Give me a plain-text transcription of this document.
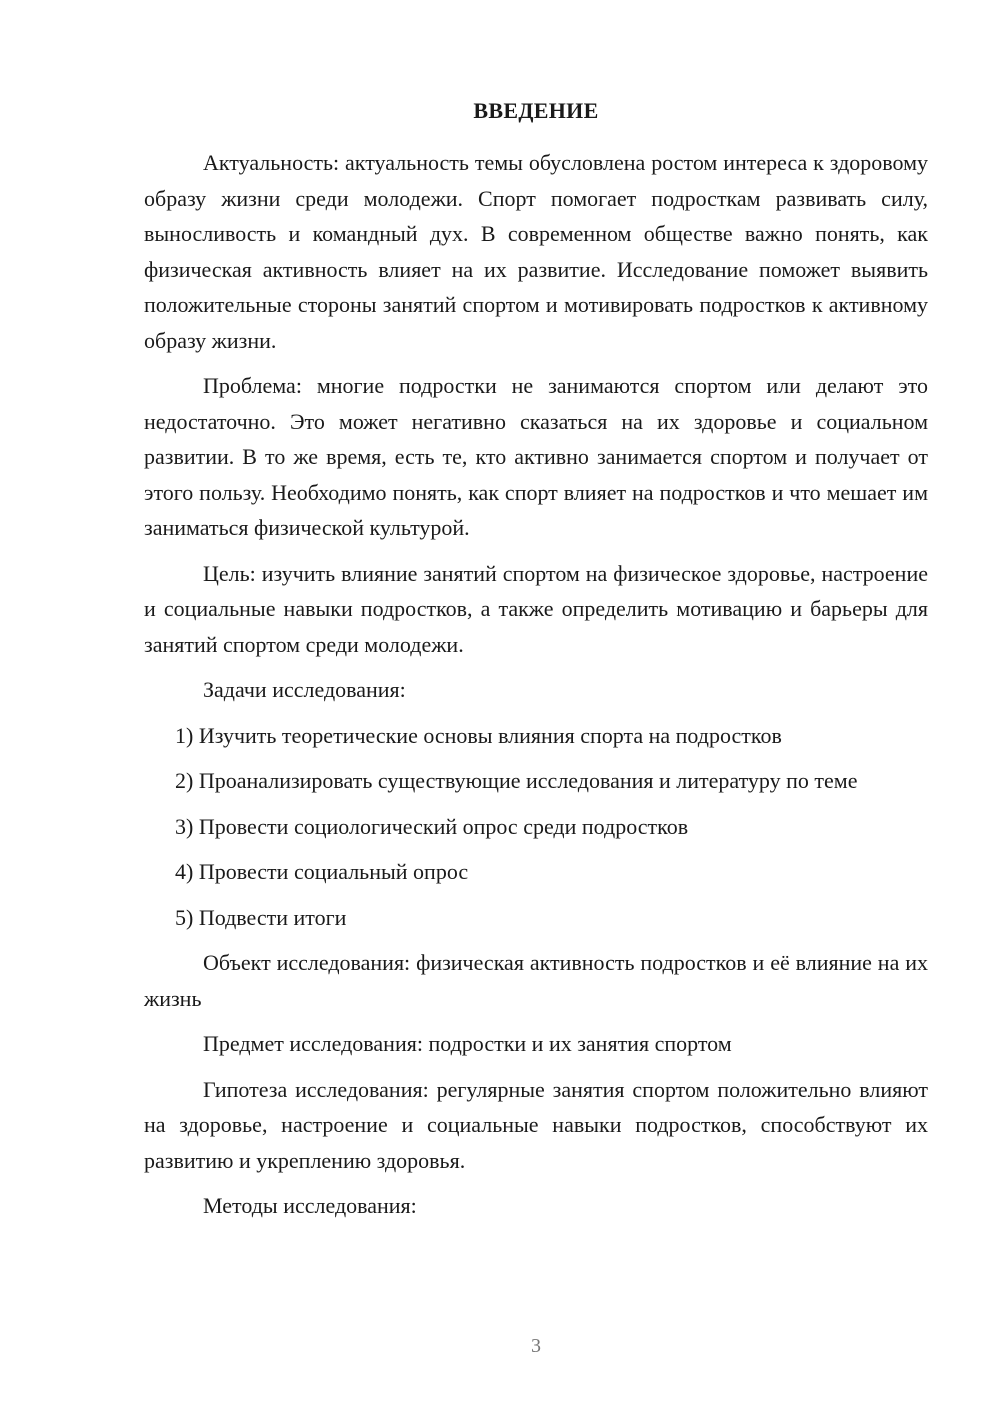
ВВЕДЕНИЕ

Актуальность: актуальность темы обусловлена ростом интереса к здоровому образу жизни среди молодежи. Спорт помогает подросткам развивать силу, выносливость и командный дух. В современном обществе важно понять, как физическая активность влияет на их развитие. Исследование поможет выявить положительные стороны занятий спортом и мотивировать подростков к активному образу жизни.

Проблема: многие подростки не занимаются спортом или делают это недостаточно. Это может негативно сказаться на их здоровье и социальном развитии. В то же время, есть те, кто активно занимается спортом и получает от этого пользу. Необходимо понять, как спорт влияет на подростков и что мешает им заниматься физической культурой.

Цель: изучить влияние занятий спортом на физическое здоровье, настроение и социальные навыки подростков, а также определить мотивацию и барьеры для занятий спортом среди молодежи.

Задачи исследования:

1) Изучить теоретические основы влияния спорта на подростков

2) Проанализировать существующие исследования и литературу по теме

3) Провести социологический опрос среди подростков

4) Провести социальный опрос

5) Подвести итоги

Объект исследования: физическая активность подростков и её влияние на их жизнь

Предмет исследования: подростки и их занятия спортом

Гипотеза исследования: регулярные занятия спортом положительно влияют на здоровье, настроение и социальные навыки подростков, способствуют их развитию и укреплению здоровья.

Методы исследования:

3
